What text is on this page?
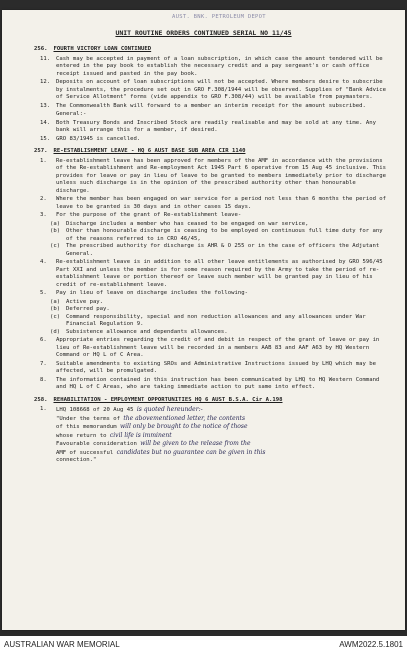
AUST. BNK. PETROLEUM DEPOT
UNIT ROUTINE ORDERS CONTINUED SERIAL NO 11/45
256. FOURTH VICTORY LOAN CONTINUED
11.	Cash may be accepted in payment of a loan subscription, in which case the amount tendered will be entered in the pay book to establish the necessary credit and a pay sergeant's or cash office receipt issued and pasted in the pay book.
12.	Deposits on account of loan subscriptions will not be accepted. Where members desire to subscribe by instalments, the procedure set out in GRO F.308/1944 will be observed. Supplies of "Bank Advice of Service Allotment" forms (vide appendix to GRO F.308/44) will be available from paymasters.
13.	The Commonwealth Bank will forward to a member an interim receipt for the amount subscribed.
General:-
14.	Both Treasury Bonds and Inscribed Stock are readily realisable and may be sold at any time. Any bank will arrange this for a member, if desired.
15.	GRO 83/1945 is cancelled.
257. RE-ESTABLISHMENT LEAVE - HQ 6 AUST BASE SUB AREA CIR 1140
1.	Re-establishment leave has been approved for members of the AMF in accordance with the provisions of the Re-establishment and Re-employment Act 1945 Part 6 operative from 15 Aug 45 inclusive. This provides for leave or pay in lieu of leave to be granted to members immediately prior to discharge unless such discharge is in the opinion of the prescribed authority other than honourable discharge.
2.	Where the member has been engaged on war service for a period not less than 6 months the period of leave to be granted is 30 days and in other cases 15 days.
3.	For the purpose of the grant of Re-establishment leave-
(a)	Discharge includes a member who has ceased to be engaged on war service,
(b)	Other than honourable discharge is ceasing to be employed on continuous full time duty for any of the reasons referred to in CRO 46/45,
(c)	The prescribed authority for discharge is AHR & O 255 or in the case of officers the Adjutant General.
4.	Re-establishment leave is in addition to all other leave entitlements as authorised by GRO 596/45 Part XXI and unless the member is for some reason required by the Army to take the period of re-establishment leave or portion thereof or leave such member will be granted pay in lieu of his credit of re-establishment leave.
5.	Pay in lieu of leave on discharge includes the following-
(a)	Active pay.
(b)	Deferred pay.
(c)	Command responsibility, special and non reduction allowances and any allowances under War Financial Regulation 9.
(d)	Subsistence allowance and dependants allowances.
6.	Appropriate entries regarding the credit of and debit in respect of the grant of leave or pay in lieu of Re-establishment leave will be recorded in a members AAB 83 and AAF A63 by HQ Western Command or HQ L of C Area.
7.	Suitable amendments to existing SROs and Administrative Instructions issued by LHQ which may be affected, will be promulgated.
8.	The information contained in this instruction has been communicated by LHQ to HQ Western Command and HQ L of C Areas, who are taking immediate action to put same into effect.
258. REHABILITATION - EMPLOYMENT OPPORTUNITIES HQ 6 AUST B.S.A. Cir A.198
1.	LHQ 108668 of 20 Aug 45 is quoted hereunder:-
"Under the terms of the abovementioned letter, the contents
of this memorandum will only be brought to the notice of those
whose return to civil life is imminent
Favourable consideration will be given to the release from the
AMF of successful candidates but no guarantee can be given in this
connection."
AUSTRALIAN WAR MEMORIAL	AWM2022.5.1801
